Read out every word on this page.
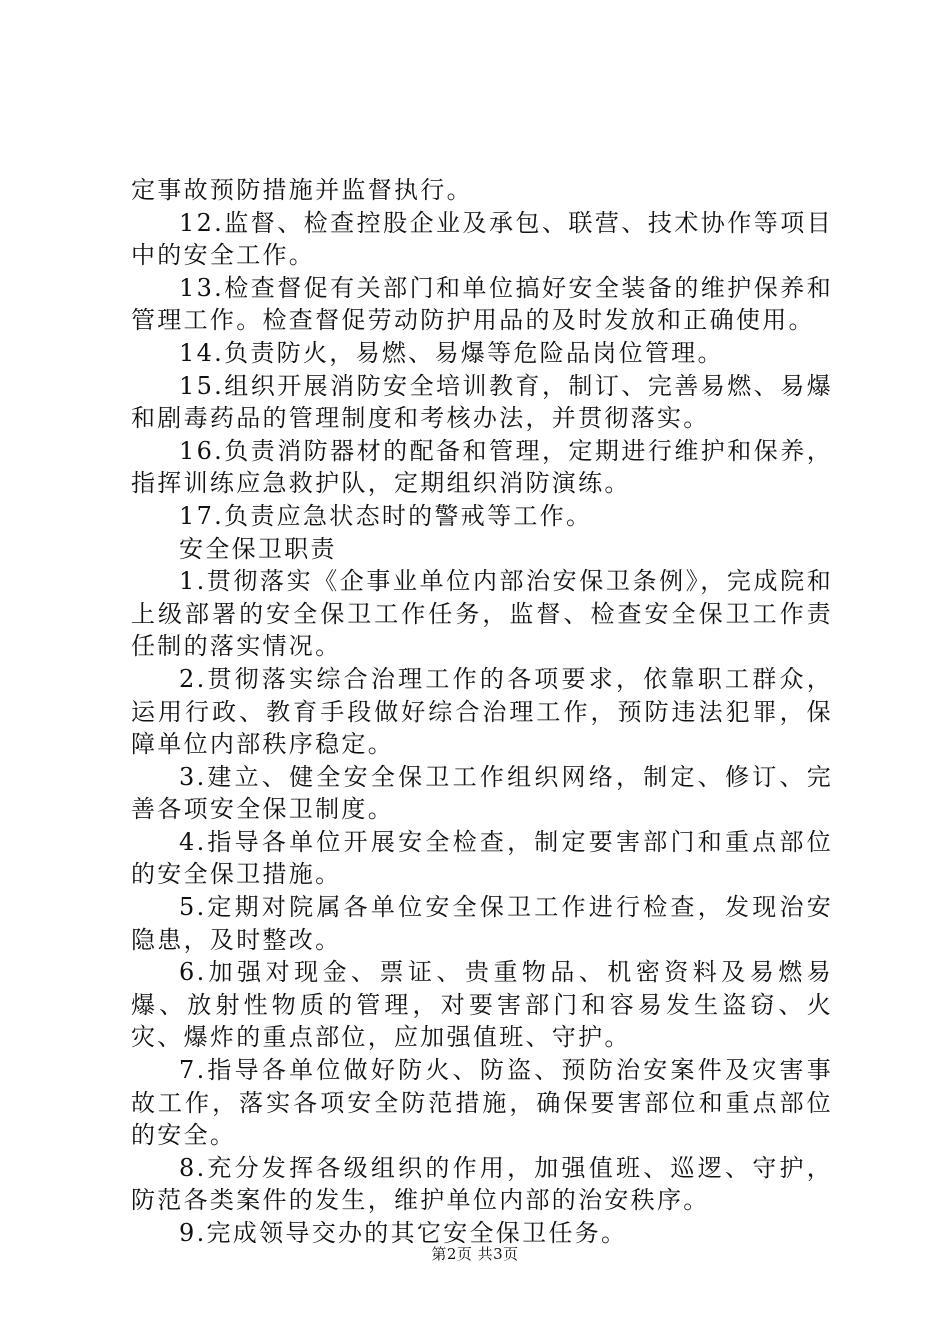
定事故预防措施并监督执行。

12.监督、检查控股企业及承包、联营、技术协作等项目中的安全工作。

13.检查督促有关部门和单位搞好安全装备的维护保养和管理工作。检查督促劳动防护用品的及时发放和正确使用。

14.负责防火，易燃、易爆等危险品岗位管理。

15.组织开展消防安全培训教育，制订、完善易燃、易爆和剧毒药品的管理制度和考核办法，并贯彻落实。

16.负责消防器材的配备和管理，定期进行维护和保养，指挥训练应急救护队，定期组织消防演练。

17.负责应急状态时的警戒等工作。

安全保卫职责

1.贯彻落实《企事业单位内部治安保卫条例》，完成院和上级部署的安全保卫工作任务，监督、检查安全保卫工作责任制的落实情况。

2.贯彻落实综合治理工作的各项要求，依靠职工群众，运用行政、教育手段做好综合治理工作，预防违法犯罪，保障单位内部秩序稳定。

3.建立、健全安全保卫工作组织网络，制定、修订、完善各项安全保卫制度。

4.指导各单位开展安全检查，制定要害部门和重点部位的安全保卫措施。

5.定期对院属各单位安全保卫工作进行检查，发现治安隐患，及时整改。

6.加强对现金、票证、贵重物品、机密资料及易燃易爆、放射性物质的管理，对要害部门和容易发生盗窃、火灾、爆炸的重点部位，应加强值班、守护。

7.指导各单位做好防火、防盗、预防治安案件及灾害事故工作，落实各项安全防范措施，确保要害部位和重点部位的安全。

8.充分发挥各级组织的作用，加强值班、巡逻、守护，防范各类案件的发生，维护单位内部的治安秩序。

9.完成领导交办的其它安全保卫任务。

第2页 共3页
